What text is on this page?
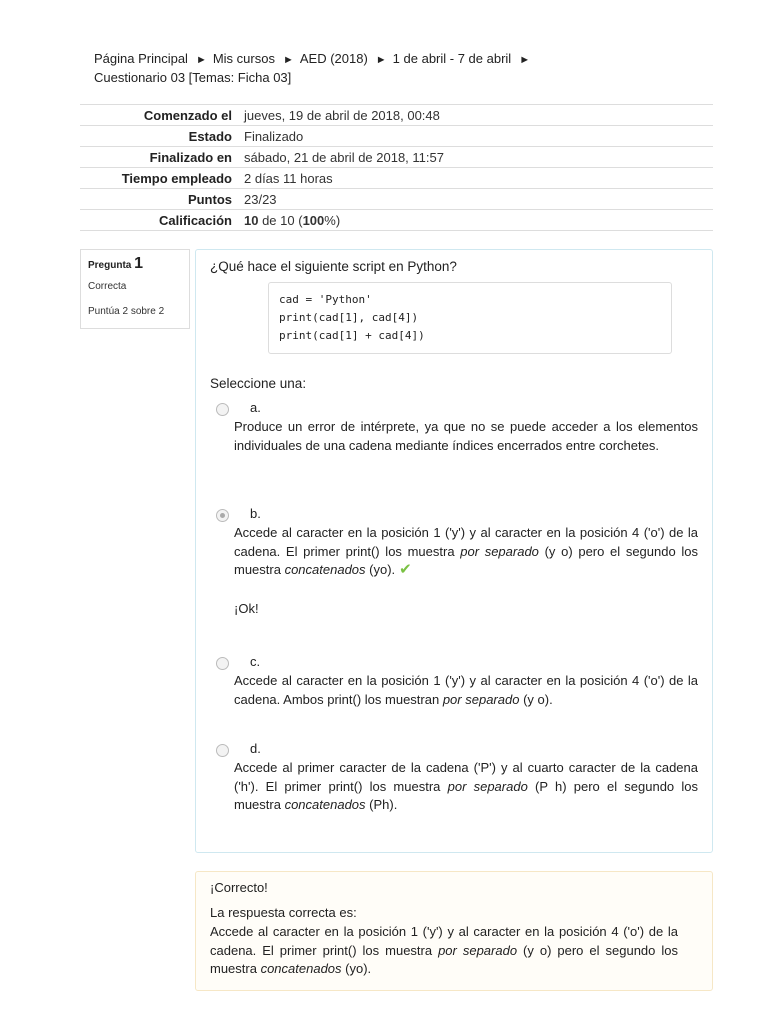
Página Principal ► Mis cursos ► AED (2018) ► 1 de abril - 7 de abril ►
Cuestionario 03 [Temas: Ficha 03]
Comenzado el	jueves, 19 de abril de 2018, 00:48
Estado	Finalizado
Finalizado en	sábado, 21 de abril de 2018, 11:57
Tiempo empleado	2 días 11 horas
Puntos	23/23
Calificación	10 de 10 (100%)
Pregunta 1
Correcta
Puntúa 2 sobre 2
¿Qué hace el siguiente script en Python?
cad = 'Python'
print(cad[1], cad[4])
print(cad[1] + cad[4])
Seleccione una:
a.
Produce un error de intérprete, ya que no se puede acceder a los elementos individuales de una cadena mediante índices encerrados entre corchetes.
b.
Accede al caracter en la posición 1 ('y') y al caracter en la posición 4 ('o') de la cadena. El primer print() los muestra por separado (y o) pero el segundo los muestra concatenados (yo). ✔
¡Ok!
c.
Accede al caracter en la posición 1 ('y') y al caracter en la posición 4 ('o') de la cadena. Ambos print() los muestran por separado (y o).
d.
Accede al primer caracter de la cadena ('P') y al cuarto caracter de la cadena ('h'). El primer print() los muestra por separado (P h) pero el segundo los muestra concatenados (Ph).
¡Correcto!
La respuesta correcta es:
Accede al caracter en la posición 1 ('y') y al caracter en la posición 4 ('o') de la cadena. El primer print() los muestra por separado (y o) pero el segundo los muestra concatenados (yo).
